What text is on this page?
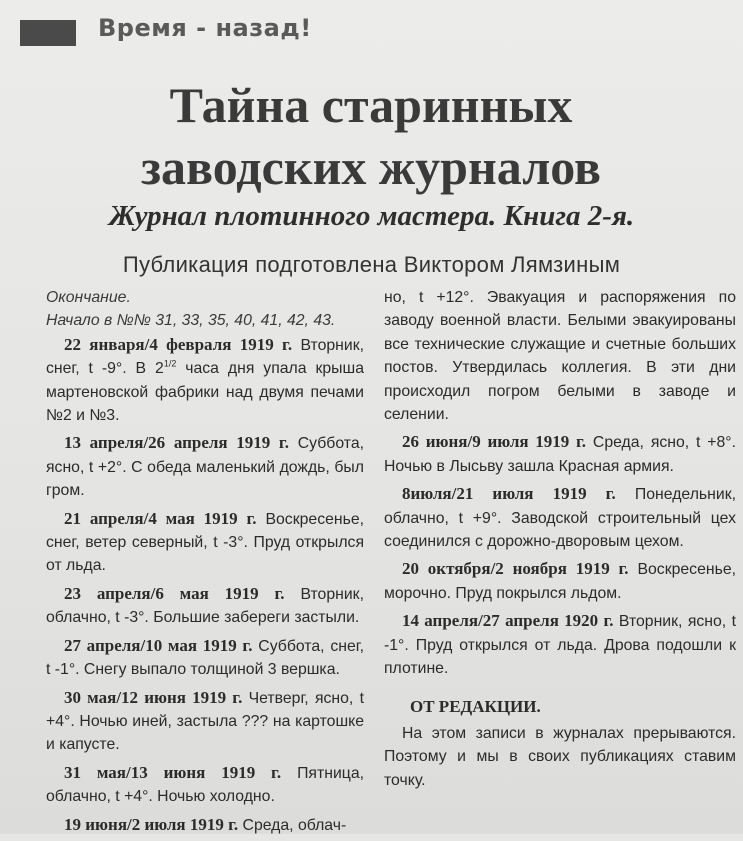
Время - назад!
Тайна старинных
заводских журналов
Журнал плотинного мастера. Книга 2-я.
Публикация подготовлена Виктором Лямзиным

Окончание.

Начало в №№ 31, 33, 35, 40, 41, 42, 43.

22 января/4 февраля 1919 г. Вторник, снег, t -9°. В $2^{1/2}$ часа дня упала крыша мартеновской фабрики над двумя печами №2 и №3.

13 апреля/26 апреля 1919 г. Суббота, ясно, t +2°. С обеда маленький дождь, был гром.

21 апреля/4 мая 1919 г. Воскресенье, снег, ветер северный, t -3°. Пруд открылся от льда.

23 апреля/6 мая 1919 г. Вторник, облачно, t -3°. Большие забереги застыли.

27 апреля/10 мая 1919 г. Суббота, снег, t -1°. Снегу выпало толщиной 3 вершка.

30 мая/12 июня 1919 г. Четверг, ясно, t +4°. Ночью иней, застыла ??? на картошке и капусте.

31 мая/13 июня 1919 г. Пятница, облачно, t +4°. Ночью холодно.

19 июня/2 июля 1919 г. Среда, облач-

но, t +12°. Эвакуация и распоряжения по заводу военной власти. Белыми эвакуированы все технические служащие и счетные больших постов. Утвердилась коллегия. В эти дни происходил погром белыми в заводе и селении.

26 июня/9 июля 1919 г. Среда, ясно, t +8°. Ночью в Лысьву зашла Красная армия.

8июля/21 июля 1919 г. Понедельник, облачно, t +9°. Заводской строительный цех соединился с дорожно-дворовым цехом.

20 октября/2 ноября 1919 г. Воскресенье, морочно. Пруд покрылся льдом.

14 апреля/27 апреля 1920 г. Вторник, ясно, t -1°. Пруд открылся от льда. Дрова подошли к плотине.

ОТ РЕДАКЦИИ.

На этом записи в журналах прерываются. Поэтому и мы в своих публикациях ставим точку.
